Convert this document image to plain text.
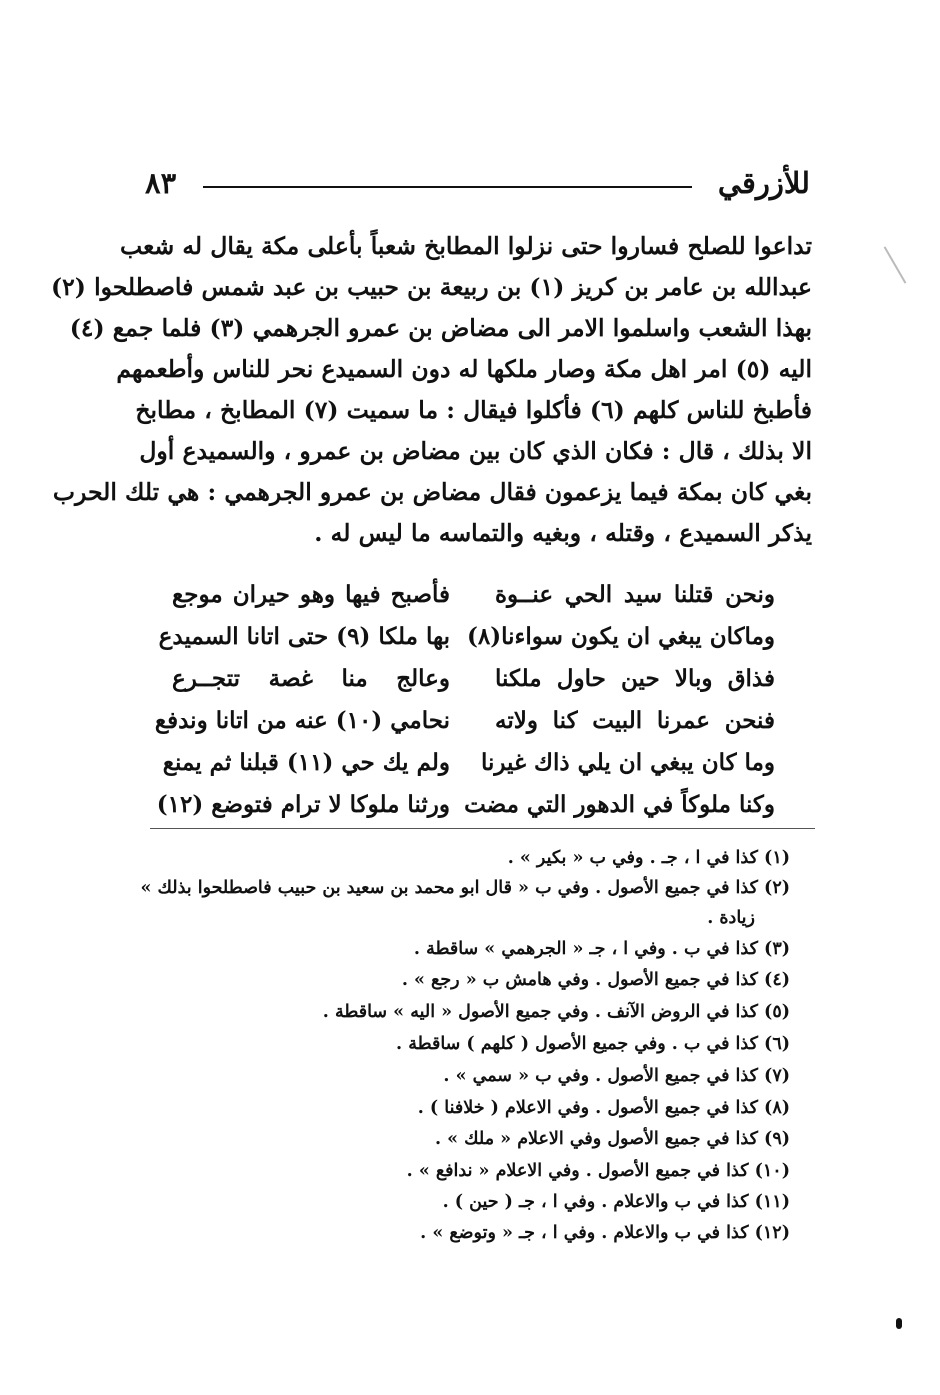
للأزرقي
٨٣
تداعوا للصلح فساروا حتى نزلوا المطابخ شعباً بأعلى مكة يقال له شعب
عبدالله بن عامر بن كريز (١) بن ربيعة بن حبيب بن عبد شمس فاصطلحوا (٢)
بهذا الشعب واسلموا الامر الى مضاض بن عمرو الجرهمي (٣) فلما جمع (٤)
اليه (٥) امر اهل مكة وصار ملكها له دون السميدع نحر للناس وأطعمهم
فأطبخ للناس كلهم (٦) فأكلوا فيقال : ما سميت (٧) المطابخ ، مطابخ
الا بذلك ، قال : فكان الذي كان بين مضاض بن عمرو ، والسميدع أول
بغي كان بمكة فيما يزعمون فقال مضاض بن عمرو الجرهمي : هي تلك الحرب
يذكر السميدع ، وقتله ، وبغيه والتماسه ما ليس له .
ونحن قتلنا سيد الحي عنــوة
فأصبح فيها وهو حيران موجع
وماكان يبغي ان يكون سواءنا(٨)
بها ملكا (٩) حتى اتانا السميدع
فذاق وبالا حين حاول ملكنا
وعالج منا غصة تتجــرع
فنحن عمرنا البيت كنا ولاته
نحامي (١٠) عنه من اتانا وندفع
وما كان يبغي ان يلي ذاك غيرنا
ولم يك حي (١١) قبلنا ثم يمنع
وكنا ملوكاً في الدهور التي مضت
ورثنا ملوكا لا ترام فتوضع (١٢)
(١) كذا في ا ، جـ . وفي ب « بكير » .
(٢) كذا في جميع الأصول . وفي ب « قال ابو محمد بن سعيد بن حبيب فاصطلحوا بذلك »
زيادة .
(٣) كذا في ب . وفي ا ، جـ « الجرهمي » ساقطة .
(٤) كذا في جميع الأصول . وفي هامش ب « رجع » .
(٥) كذا في الروض الآنف . وفي جميع الأصول « اليه » ساقطة .
(٦) كذا في ب . وفي جميع الأصول ( كلهم ) ساقطة .
(٧) كذا في جميع الأصول . وفي ب « سمي » .
(٨) كذا في جميع الأصول . وفي الاعلام ( خلافنا ) .
(٩) كذا في جميع الأصول وفي الاعلام « ملك » .
(١٠) كذا في جميع الأصول . وفي الاعلام « ندافع » .
(١١) كذا في ب والاعلام . وفي ا ، جـ ( حين ) .
(١٢) كذا في ب والاعلام . وفي ا ، جـ « وتوضع » .
